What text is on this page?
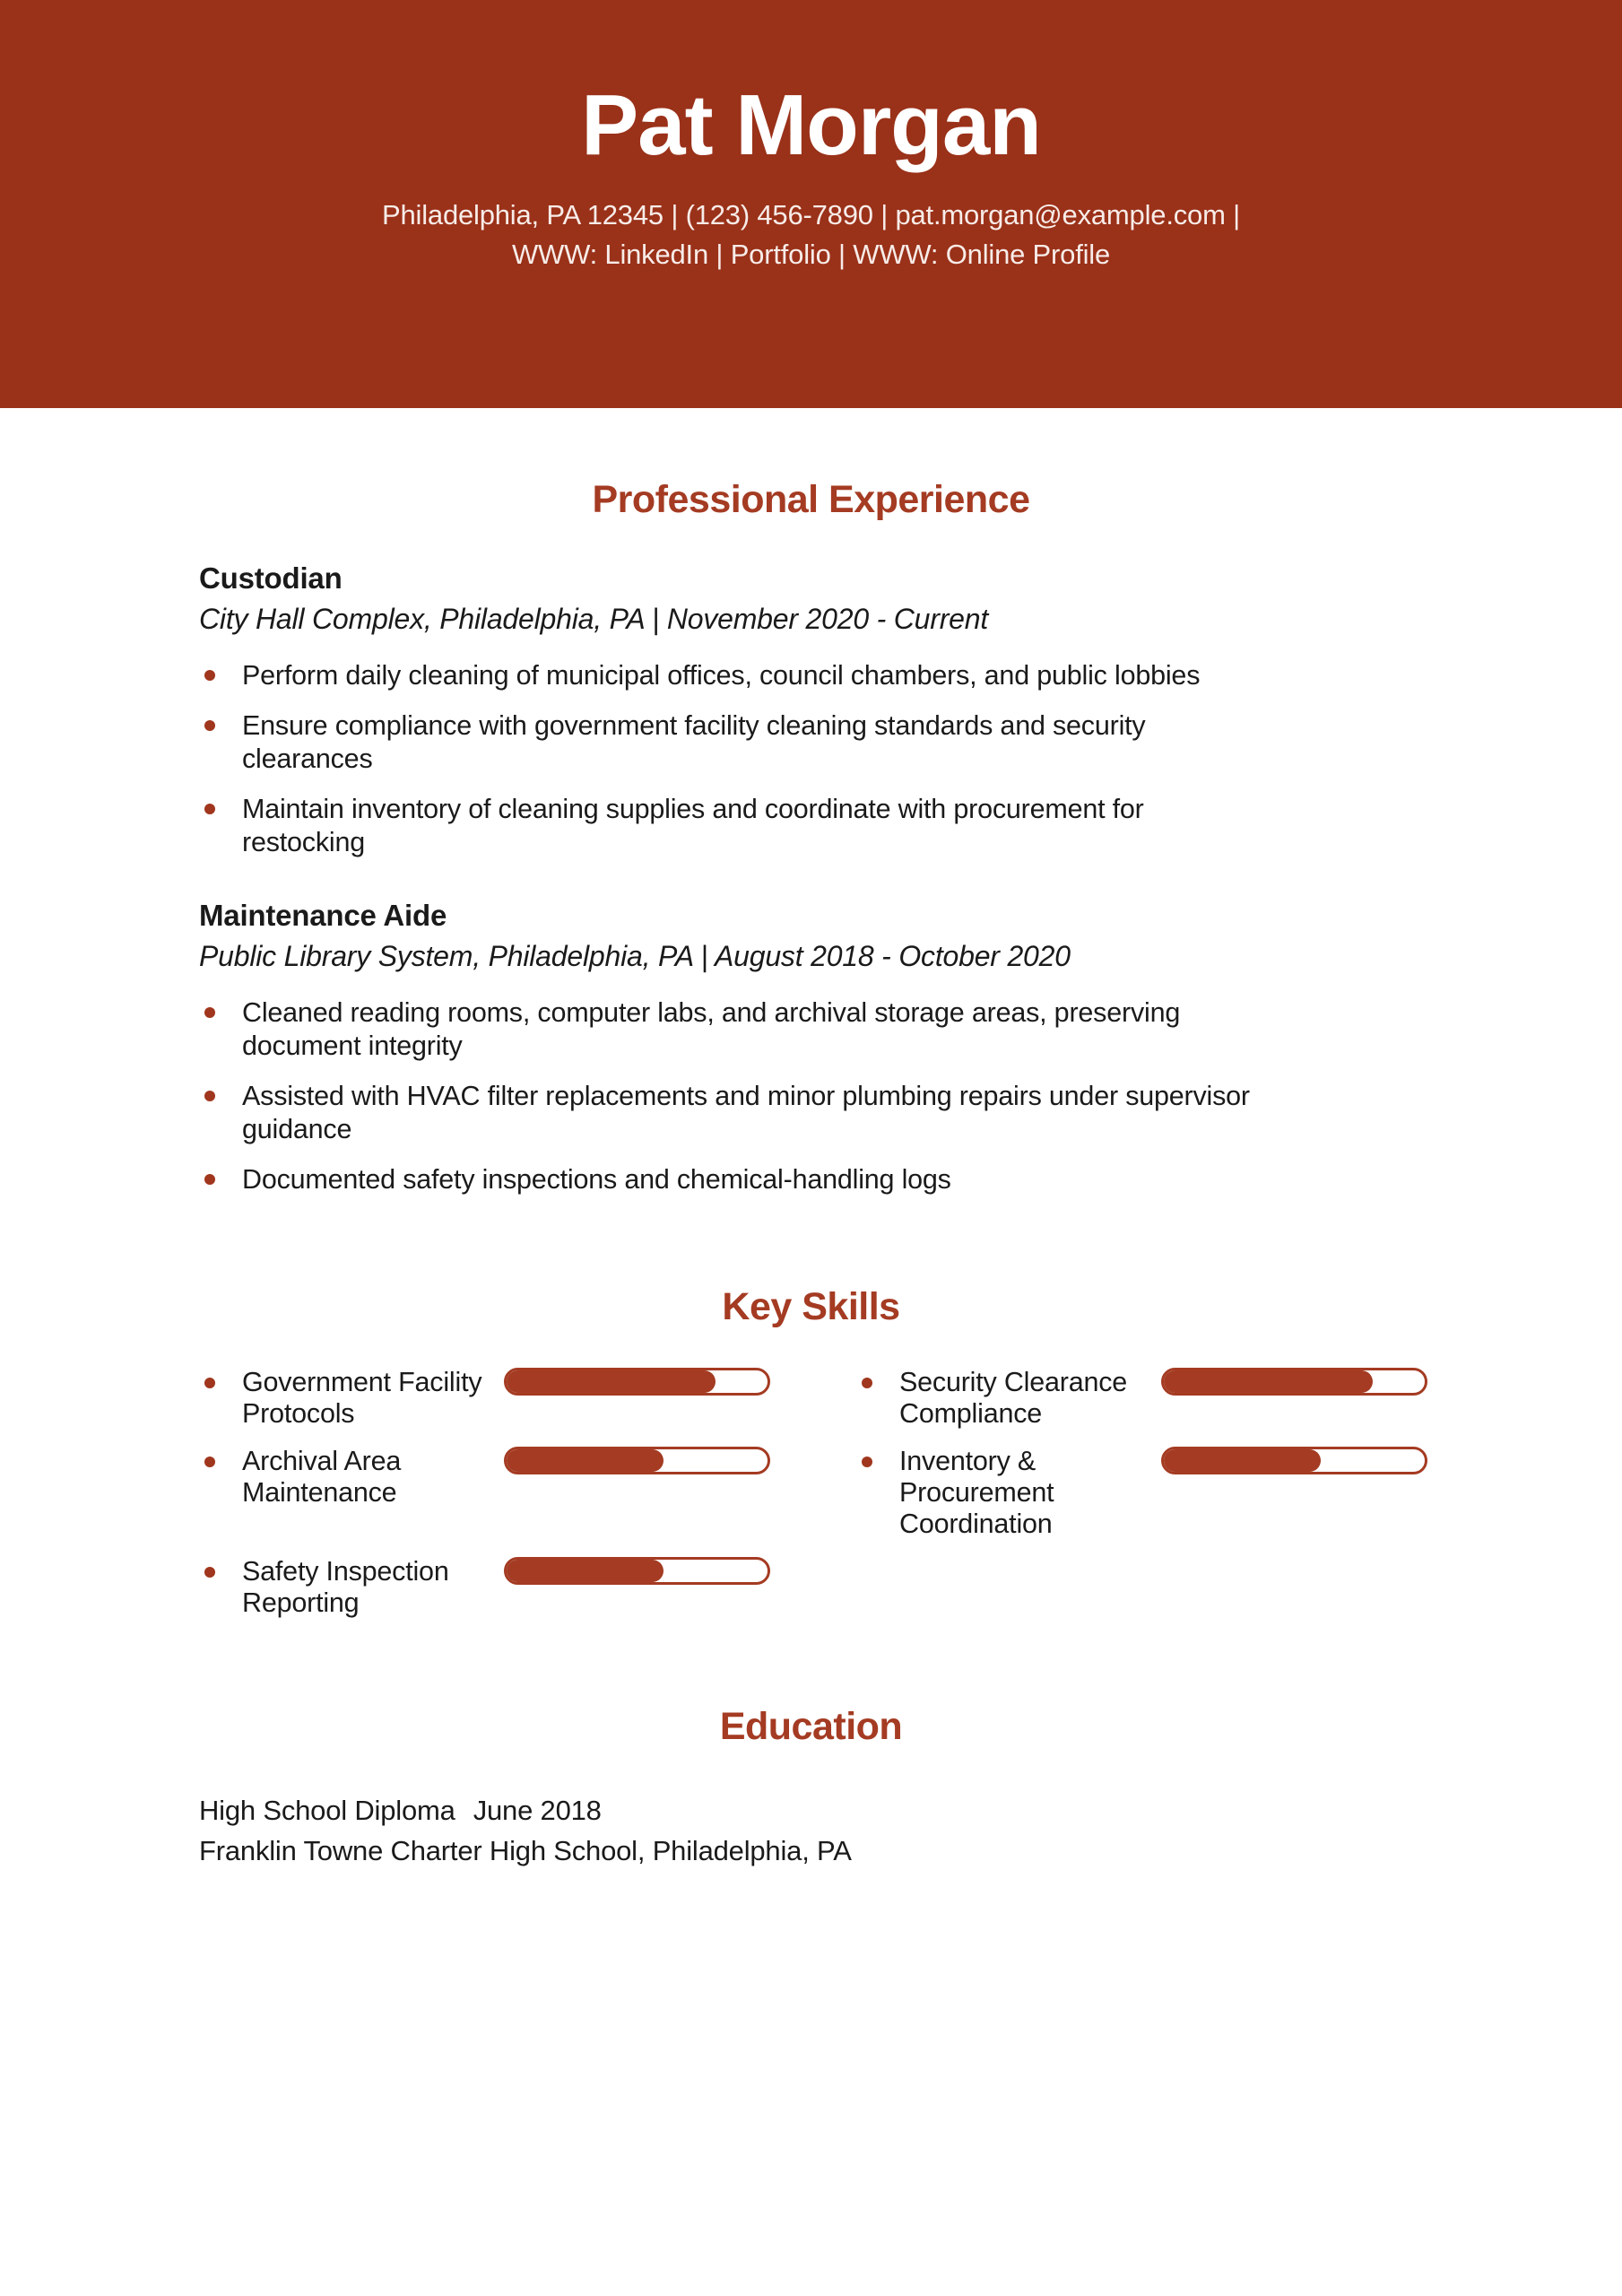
Pat Morgan
Philadelphia, PA 12345 | (123) 456-7890 | pat.morgan@example.com |
WWW: LinkedIn | Portfolio | WWW: Online Profile
Professional Experience

Custodian

City Hall Complex, Philadelphia, PA | November 2020 - Current

Perform daily cleaning of municipal offices, council chambers, and public lobbies
Ensure compliance with government facility cleaning standards and security clearances
Maintain inventory of cleaning supplies and coordinate with procurement for restocking

Maintenance Aide

Public Library System, Philadelphia, PA | August 2018 - October 2020

Cleaned reading rooms, computer labs, and archival storage areas, preserving document integrity
Assisted with HVAC filter replacements and minor plumbing repairs under supervisor guidance
Documented safety inspections and chemical-handling logs
Key Skills
Government Facility Protocols
Security Clearance Compliance
Archival Area Maintenance
Inventory & Procurement Coordination
Safety Inspection Reporting
Education
High School Diploma June 2018
Franklin Towne Charter High School, Philadelphia, PA
